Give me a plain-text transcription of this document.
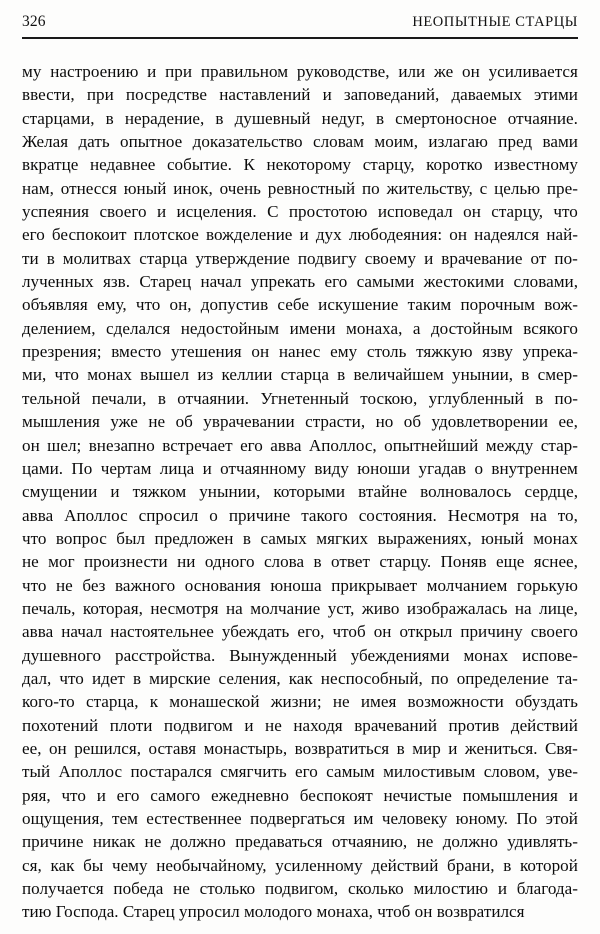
326	НЕОПЫТНЫЕ СТАРЦЫ
му настроению и при правильном руководстве, или же он усиливается
ввести, при посредстве наставлений и заповеданий, даваемых этими
старцами, в нерадение, в душевный недуг, в смертоносное отчаяние.
Желая дать опытное доказательство словам моим, излагаю пред вами
вкратце недавнее событие. К некоторому старцу, коротко известному
нам, отнесся юный инок, очень ревностный по жительству, с целью пре-
успеяния своего и исцеления. С простотою исповедал он старцу, что
его беспокоит плотское вожделение и дух любодеяния: он надеялся най-
ти в молитвах старца утверждение подвигу своему и врачевание от по-
лученных язв. Старец начал упрекать его самыми жестокими словами,
объявляя ему, что он, допустив себе искушение таким порочным вож-
делением, сделался недостойным имени монаха, а достойным всякого
презрения; вместо утешения он нанес ему столь тяжкую язву упрека-
ми, что монах вышел из келлии старца в величайшем унынии, в смер-
тельной печали, в отчаянии. Угнетенный тоскою, углубленный в по-
мышления уже не об уврачевании страсти, но об удовлетворении ее,
он шел; внезапно встречает его авва Аполлос, опытнейший между стар-
цами. По чертам лица и отчаянному виду юноши угадав о внутреннем
смущении и тяжком унынии, которыми втайне волновалось сердце,
авва Аполлос спросил о причине такого состояния. Несмотря на то,
что вопрос был предложен в самых мягких выражениях, юный монах
не мог произнести ни одного слова в ответ старцу. Поняв еще яснее,
что не без важного основания юноша прикрывает молчанием горькую
печаль, которая, несмотря на молчание уст, живо изображалась на лице,
авва начал настоятельнее убеждать его, чтоб он открыл причину своего
душевного расстройства. Вынужденный убеждениями монах испове-
дал, что идет в мирские селения, как неспособный, по определение та-
кого-то старца, к монашеской жизни; не имея возможности обуздать
похотений плоти подвигом и не находя врачеваний против действий
ее, он решился, оставя монастырь, возвратиться в мир и жениться. Свя-
тый Аполлос постарался смягчить его самым милостивым словом, уве-
ряя, что и его самого ежедневно беспокоят нечистые помышления и
ощущения, тем естественнее подвергаться им человеку юному. По этой
причине никак не должно предаваться отчаянию, не должно удивлять-
ся, как бы чему необычайному, усиленному действий брани, в которой
получается победа не столько подвигом, сколько милостию и благода-
тию Господа. Старец упросил молодого монаха, чтоб он возвратился
